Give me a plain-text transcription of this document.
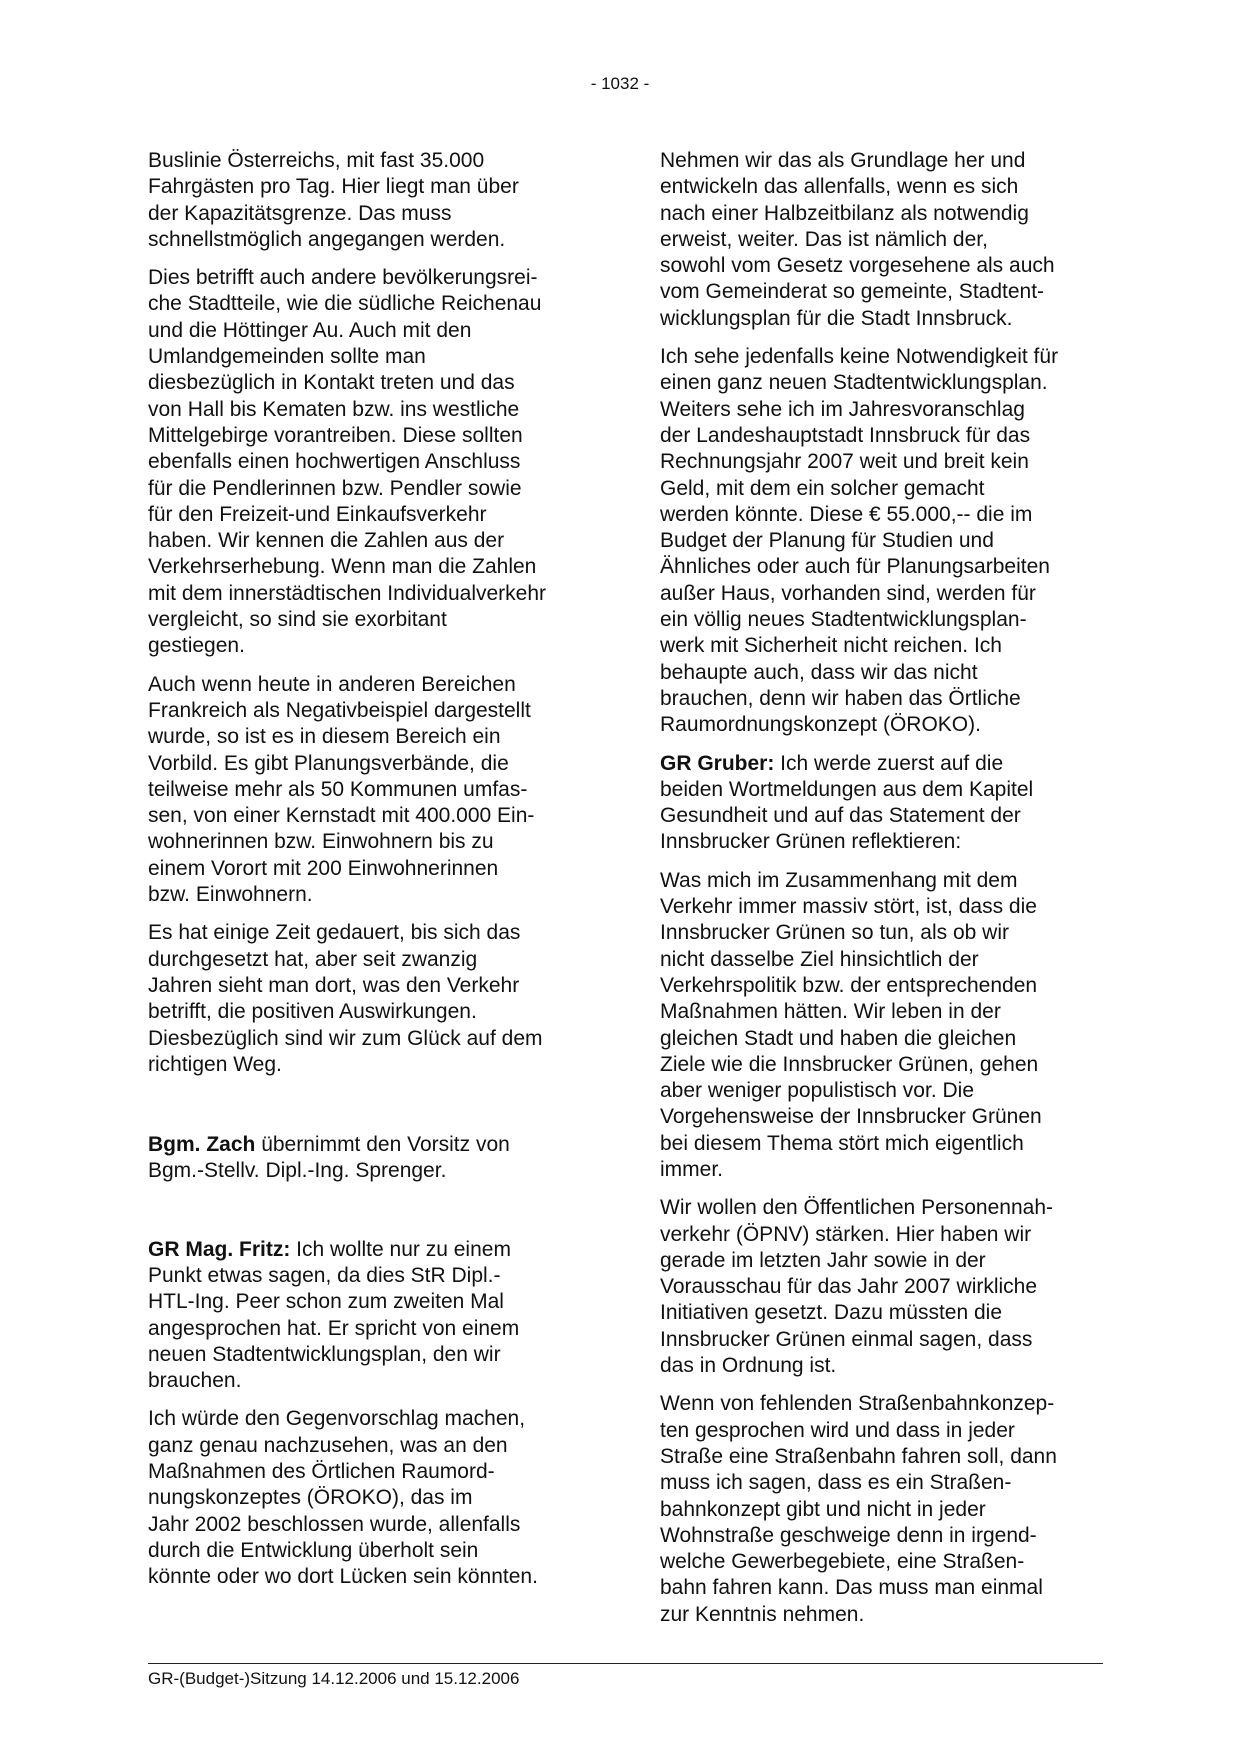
- 1032 -

Buslinie Österreichs, mit fast 35.000
Fahrgästen pro Tag. Hier liegt man über
der Kapazitätsgrenze. Das muss
schnellstmöglich angegangen werden.

Dies betrifft auch andere bevölkerungsrei-
che Stadtteile, wie die südliche Reichenau
und die Höttinger Au. Auch mit den
Umlandgemeinden sollte man
diesbezüglich in Kontakt treten und das
von Hall bis Kematen bzw. ins westliche
Mittelgebirge vorantreiben. Diese sollten
ebenfalls einen hochwertigen Anschluss
für die Pendlerinnen bzw. Pendler sowie
für den Freizeit-und Einkaufsverkehr
haben. Wir kennen die Zahlen aus der
Verkehrserhebung. Wenn man die Zahlen
mit dem innerstädtischen Individualverkehr
vergleicht, so sind sie exorbitant
gestiegen.

Auch wenn heute in anderen Bereichen
Frankreich als Negativbeispiel dargestellt
wurde, so ist es in diesem Bereich ein
Vorbild. Es gibt Planungsverbände, die
teilweise mehr als 50 Kommunen umfas-
sen, von einer Kernstadt mit 400.000 Ein-
wohnerinnen bzw. Einwohnern bis zu
einem Vorort mit 200 Einwohnerinnen
bzw. Einwohnern.

Es hat einige Zeit gedauert, bis sich das
durchgesetzt hat, aber seit zwanzig
Jahren sieht man dort, was den Verkehr
betrifft, die positiven Auswirkungen.
Diesbezüglich sind wir zum Glück auf dem
richtigen Weg.

Bgm. Zach übernimmt den Vorsitz von
Bgm.-Stellv. Dipl.-Ing. Sprenger.

GR Mag. Fritz: Ich wollte nur zu einem
Punkt etwas sagen, da dies StR Dipl.-
HTL-Ing. Peer schon zum zweiten Mal
angesprochen hat. Er spricht von einem
neuen Stadtentwicklungsplan, den wir
brauchen.

Ich würde den Gegenvorschlag machen,
ganz genau nachzusehen, was an den
Maßnahmen des Örtlichen Raumord-
nungskonzeptes (ÖROKO), das im
Jahr 2002 beschlossen wurde, allenfalls
durch die Entwicklung überholt sein
könnte oder wo dort Lücken sein könnten.

Nehmen wir das als Grundlage her und
entwickeln das allenfalls, wenn es sich
nach einer Halbzeitbilanz als notwendig
erweist, weiter. Das ist nämlich der,
sowohl vom Gesetz vorgesehene als auch
vom Gemeinderat so gemeinte, Stadtent-
wicklungsplan für die Stadt Innsbruck.

Ich sehe jedenfalls keine Notwendigkeit für
einen ganz neuen Stadtentwicklungsplan.
Weiters sehe ich im Jahresvoranschlag
der Landeshauptstadt Innsbruck für das
Rechnungsjahr 2007 weit und breit kein
Geld, mit dem ein solcher gemacht
werden könnte. Diese € 55.000,-- die im
Budget der Planung für Studien und
Ähnliches oder auch für Planungsarbeiten
außer Haus, vorhanden sind, werden für
ein völlig neues Stadtentwicklungsplan-
werk mit Sicherheit nicht reichen. Ich
behaupte auch, dass wir das nicht
brauchen, denn wir haben das Örtliche
Raumordnungskonzept (ÖROKO).

GR Gruber: Ich werde zuerst auf die
beiden Wortmeldungen aus dem Kapitel
Gesundheit und auf das Statement der
Innsbrucker Grünen reflektieren:

Was mich im Zusammenhang mit dem
Verkehr immer massiv stört, ist, dass die
Innsbrucker Grünen so tun, als ob wir
nicht dasselbe Ziel hinsichtlich der
Verkehrspolitik bzw. der entsprechenden
Maßnahmen hätten. Wir leben in der
gleichen Stadt und haben die gleichen
Ziele wie die Innsbrucker Grünen, gehen
aber weniger populistisch vor. Die
Vorgehensweise der Innsbrucker Grünen
bei diesem Thema stört mich eigentlich
immer.

Wir wollen den Öffentlichen Personennah-
verkehr (ÖPNV) stärken. Hier haben wir
gerade im letzten Jahr sowie in der
Vorausschau für das Jahr 2007 wirkliche
Initiativen gesetzt. Dazu müssten die
Innsbrucker Grünen einmal sagen, dass
das in Ordnung ist.

Wenn von fehlenden Straßenbahnkonzep-
ten gesprochen wird und dass in jeder
Straße eine Straßenbahn fahren soll, dann
muss ich sagen, dass es ein Straßen-
bahnkonzept gibt und nicht in jeder
Wohnstraße geschweige denn in irgend-
welche Gewerbegebiete, eine Straßen-
bahn fahren kann. Das muss man einmal
zur Kenntnis nehmen.

GR-(Budget-)Sitzung 14.12.2006 und 15.12.2006
